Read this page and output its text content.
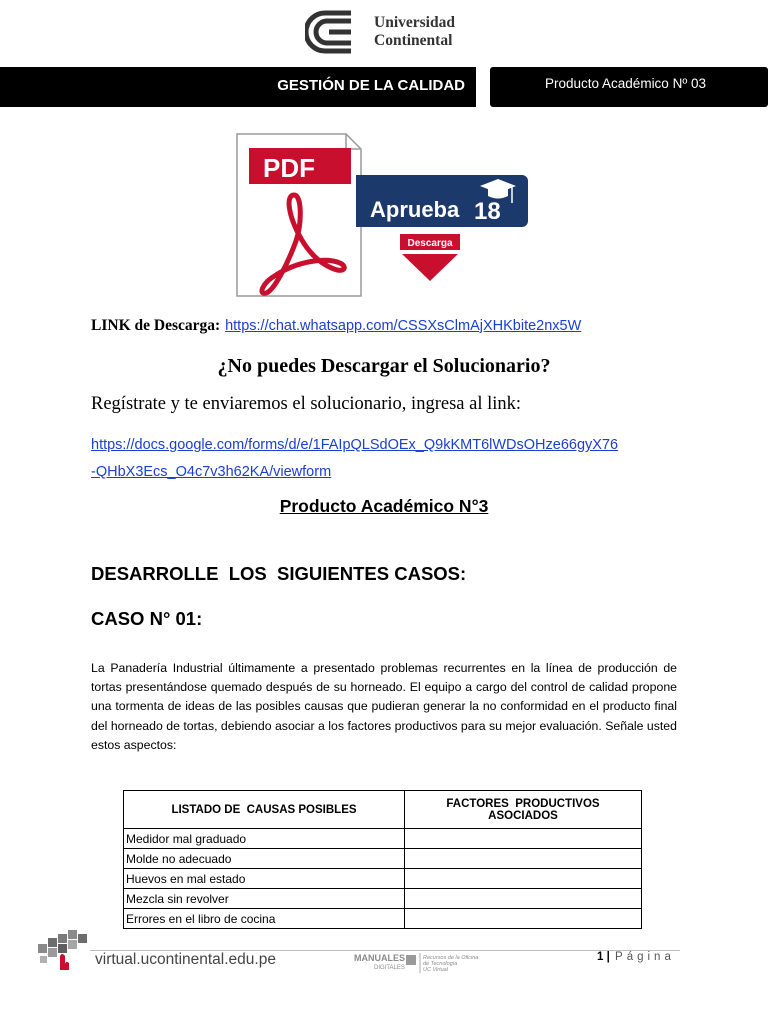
Universidad
Continental
GESTIÓN DE LA CALIDAD	Producto Académico Nº 03
PDF
Aprueba 18
Descarga
LINK de Descarga: https://chat.whatsapp.com/CSSXsClmAjXHKbite2nx5W
¿No puedes Descargar el Solucionario?
Regístrate y te enviaremos el solucionario, ingresa al link:
https://docs.google.com/forms/d/e/1FAIpQLSdOEx_Q9kKMT6lWDsOHze66gyX76
-QHbX3Ecs_O4c7v3h62KA/viewform
Producto Académico N°3
DESARROLLE  LOS  SIGUIENTES CASOS:
CASO N° 01:
La Panadería Industrial últimamente a presentado problemas recurrentes en la línea de producción de tortas presentándose quemado después de su horneado. El equipo a cargo del control de calidad propone una tormenta de ideas de las posibles causas que pudieran generar la no conformidad en el producto final del horneado de tortas, debiendo asociar a los factores productivos para su mejor evaluación. Señale usted estos aspectos:
LISTADO DE  CAUSAS POSIBLES	FACTORES  PRODUCTIVOS ASOCIADOS
Medidor mal graduado	
Molde no adecuado	
Huevos en mal estado	
Mezcla sin revolver	
Errores en el libro de cocina	
virtual.ucontinental.edu.pe	MANUALES
DIGITALES
Recursos de la Oficina
de Tecnología
UC Virtual
1 | Página
